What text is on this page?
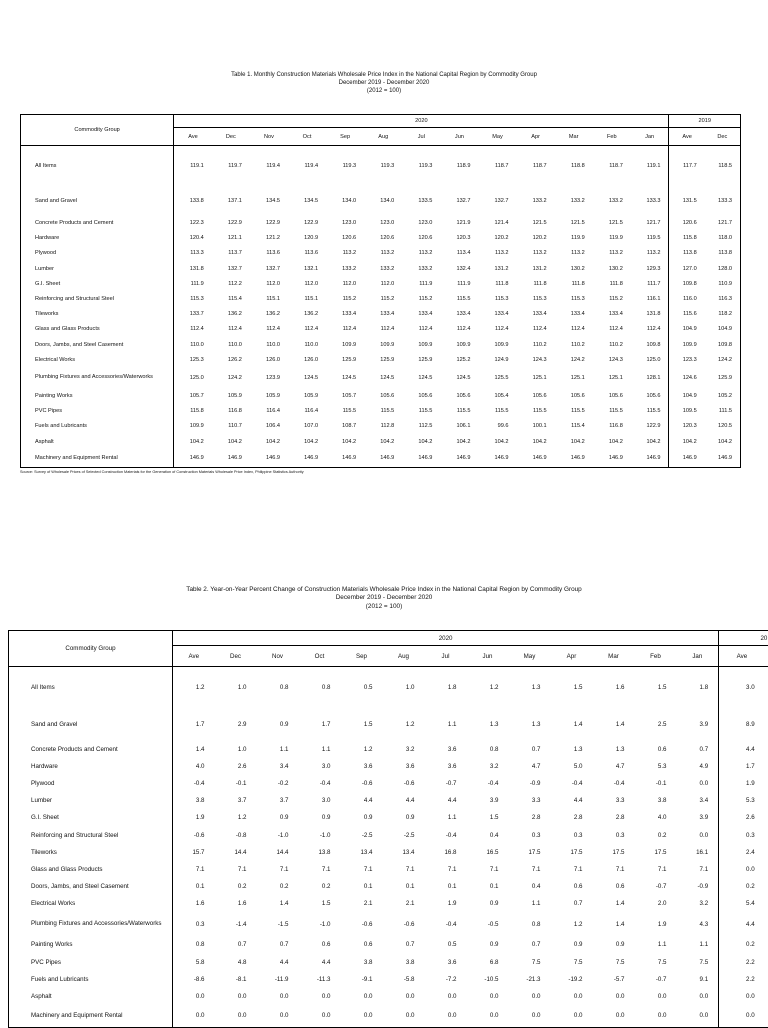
Table 1. Monthly Construction Materials Wholesale Price Index in the National Capital Region by Commodity Group
December 2019 - December 2020
(2012 = 100)
Commodity Group	2020													2019	
	Ave	Dec	Nov	Oct	Sep	Aug	Jul	Jun	May	Apr	Mar	Feb	Jan	Ave	Dec
All Items	119.1	119.7	119.4	119.4	119.3	119.3	119.3	118.9	118.7	118.7	118.8	118.7	119.1	117.7	118.5
Sand and Gravel	133.8	137.1	134.5	134.5	134.0	134.0	133.5	132.7	132.7	133.2	133.2	133.2	133.3	131.5	133.3
Concrete Products and Cement	122.3	122.9	122.9	122.9	123.0	123.0	123.0	121.9	121.4	121.5	121.5	121.5	121.7	120.6	121.7
Hardware	120.4	121.1	121.2	120.9	120.6	120.6	120.6	120.3	120.2	120.2	119.9	119.9	119.5	115.8	118.0
Plywood	113.3	113.7	113.6	113.6	113.2	113.2	113.2	113.4	113.2	113.2	113.2	113.2	113.2	113.8	113.8
Lumber	131.8	132.7	132.7	132.1	133.2	133.2	133.2	132.4	131.2	131.2	130.2	130.2	129.3	127.0	128.0
G.I. Sheet	111.9	112.2	112.0	112.0	112.0	112.0	111.9	111.9	111.8	111.8	111.8	111.8	111.7	109.8	110.9
Reinforcing and Structural Steel	115.3	115.4	115.1	115.1	115.2	115.2	115.2	115.5	115.3	115.3	115.3	115.2	116.1	116.0	116.3
Tileworks	133.7	136.2	136.2	136.2	133.4	133.4	133.4	133.4	133.4	133.4	133.4	133.4	131.8	115.6	118.2
Glass and Glass Products	112.4	112.4	112.4	112.4	112.4	112.4	112.4	112.4	112.4	112.4	112.4	112.4	112.4	104.9	104.9
Doors, Jambs, and Steel Casement	110.0	110.0	110.0	110.0	109.9	109.9	109.9	109.9	109.9	110.2	110.2	110.2	109.8	109.9	109.8
Electrical Works	125.3	126.2	126.0	126.0	125.9	125.9	125.9	125.2	124.9	124.3	124.2	124.3	125.0	123.3	124.2
Plumbing Fixtures and Accessories/Waterworks	125.0	124.2	123.9	124.5	124.5	124.5	124.5	124.5	125.5	125.1	125.1	125.1	128.1	124.6	125.9
Painting Works	105.7	105.9	105.9	105.9	105.7	105.6	105.6	105.6	105.4	105.6	105.6	105.6	105.6	104.9	105.2
PVC Pipes	115.8	116.8	116.4	116.4	115.5	115.5	115.5	115.5	115.5	115.5	115.5	115.5	115.5	109.5	111.5
Fuels and Lubricants	109.9	110.7	106.4	107.0	108.7	112.8	112.5	106.1	99.6	100.1	115.4	116.8	122.9	120.3	120.5
Asphalt	104.2	104.2	104.2	104.2	104.2	104.2	104.2	104.2	104.2	104.2	104.2	104.2	104.2	104.2	104.2
Machinery and Equipment Rental	146.9	146.9	146.9	146.9	146.9	146.9	146.9	146.9	146.9	146.9	146.9	146.9	146.9	146.9	146.9
Source: Survey of Wholesale Prices of Selected Construction Materials for the Generation of Construction Materials Wholesale Price Index, Philippine Statistics Authority
Table 2. Year-on-Year Percent Change of Construction Materials Wholesale Price Index in the National Capital Region by Commodity Group
December 2019 - December 2020
(2012 = 100)
Commodity Group	2020													20	
	Ave	Dec	Nov	Oct	Sep	Aug	Jul	Jun	May	Apr	Mar	Feb	Jan	Ave	
All Items	1.2	1.0	0.8	0.8	0.5	1.0	1.8	1.2	1.3	1.5	1.6	1.5	1.8	3.0	
Sand and Gravel	1.7	2.9	0.9	1.7	1.5	1.2	1.1	1.3	1.3	1.4	1.4	2.5	3.9	8.9	
Concrete Products and Cement	1.4	1.0	1.1	1.1	1.2	3.2	3.6	0.8	0.7	1.3	1.3	0.6	0.7	4.4	
Hardware	4.0	2.6	3.4	3.0	3.6	3.6	3.6	3.2	4.7	5.0	4.7	5.3	4.9	1.7	
Plywood	-0.4	-0.1	-0.2	-0.4	-0.6	-0.6	-0.7	-0.4	-0.9	-0.4	-0.4	-0.1	0.0	1.9	
Lumber	3.8	3.7	3.7	3.0	4.4	4.4	4.4	3.9	3.3	4.4	3.3	3.8	3.4	5.3	
G.I. Sheet	1.9	1.2	0.9	0.9	0.9	0.9	1.1	1.5	2.8	2.8	2.8	4.0	3.9	2.6	
Reinforcing and Structural Steel	-0.6	-0.8	-1.0	-1.0	-2.5	-2.5	-0.4	0.4	0.3	0.3	0.3	0.2	0.0	0.3	
Tileworks	15.7	14.4	14.4	13.8	13.4	13.4	16.8	16.5	17.5	17.5	17.5	17.5	16.1	2.4	
Glass and Glass Products	7.1	7.1	7.1	7.1	7.1	7.1	7.1	7.1	7.1	7.1	7.1	7.1	7.1	0.0	
Doors, Jambs, and Steel Casement	0.1	0.2	0.2	0.2	0.1	0.1	0.1	0.1	0.4	0.6	0.6	-0.7	-0.9	0.2	
Electrical Works	1.6	1.6	1.4	1.5	2.1	2.1	1.9	0.9	1.1	0.7	1.4	2.0	3.2	5.4	
Plumbing Fixtures and Accessories/Waterworks	0.3	-1.4	-1.5	-1.0	-0.6	-0.6	-0.4	-0.5	0.8	1.2	1.4	1.9	4.3	4.4	
Painting Works	0.8	0.7	0.7	0.6	0.6	0.7	0.5	0.9	0.7	0.9	0.9	1.1	1.1	0.2	
PVC Pipes	5.8	4.8	4.4	4.4	3.8	3.8	3.6	6.8	7.5	7.5	7.5	7.5	7.5	2.2	
Fuels and Lubricants	-8.6	-8.1	-11.9	-11.3	-9.1	-5.8	-7.2	-10.5	-21.3	-19.2	-5.7	-0.7	9.1	2.2	
Asphalt	0.0	0.0	0.0	0.0	0.0	0.0	0.0	0.0	0.0	0.0	0.0	0.0	0.0	0.0	
Machinery and Equipment Rental	0.0	0.0	0.0	0.0	0.0	0.0	0.0	0.0	0.0	0.0	0.0	0.0	0.0	0.0	
